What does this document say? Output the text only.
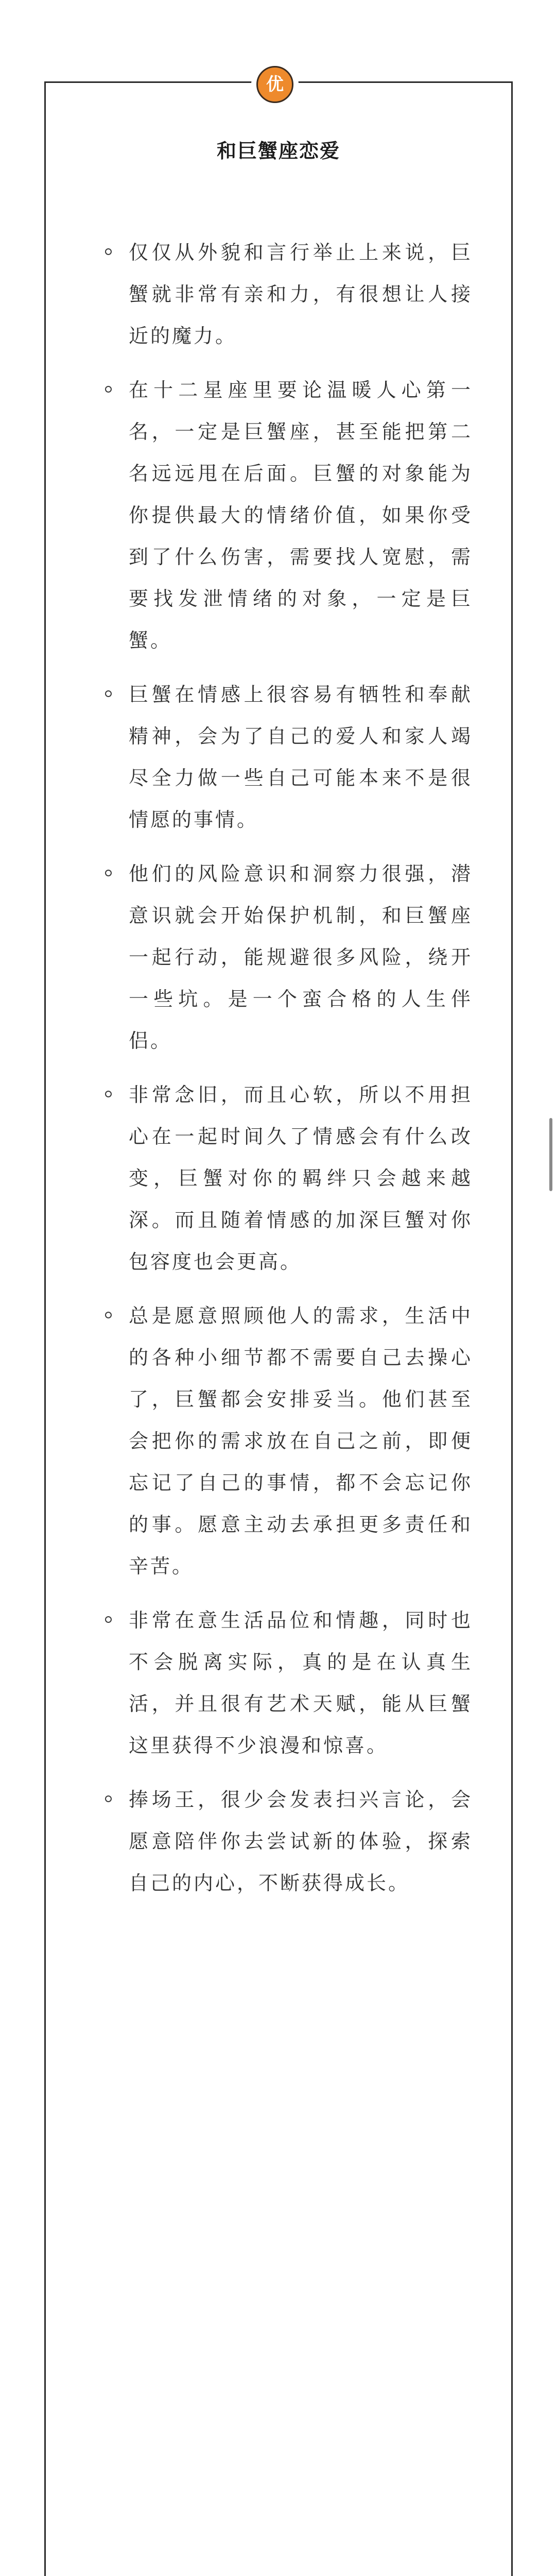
优
和巨蟹座恋爱
仅仅从外貌和言行举止上来说，巨蟹就非常有亲和力，有很想让人接近的魔力。
在十二星座里要论温暖人心第一名，一定是巨蟹座，甚至能把第二名远远甩在后面。巨蟹的对象能为你提供最大的情绪价值，如果你受到了什么伤害，需要找人宽慰，需要找发泄情绪的对象，一定是巨蟹。
巨蟹在情感上很容易有牺牲和奉献精神，会为了自己的爱人和家人竭尽全力做一些自己可能本来不是很情愿的事情。
他们的风险意识和洞察力很强，潜意识就会开始保护机制，和巨蟹座一起行动，能规避很多风险，绕开一些坑。是一个蛮合格的人生伴侣。
非常念旧，而且心软，所以不用担心在一起时间久了情感会有什么改变，巨蟹对你的羁绊只会越来越深。而且随着情感的加深巨蟹对你包容度也会更高。
总是愿意照顾他人的需求，生活中的各种小细节都不需要自己去操心了，巨蟹都会安排妥当。他们甚至会把你的需求放在自己之前，即便忘记了自己的事情，都不会忘记你的事。愿意主动去承担更多责任和辛苦。
非常在意生活品位和情趣，同时也不会脱离实际，真的是在认真生活，并且很有艺术天赋，能从巨蟹这里获得不少浪漫和惊喜。
捧场王，很少会发表扫兴言论，会愿意陪伴你去尝试新的体验，探索自己的内心，不断获得成长。
